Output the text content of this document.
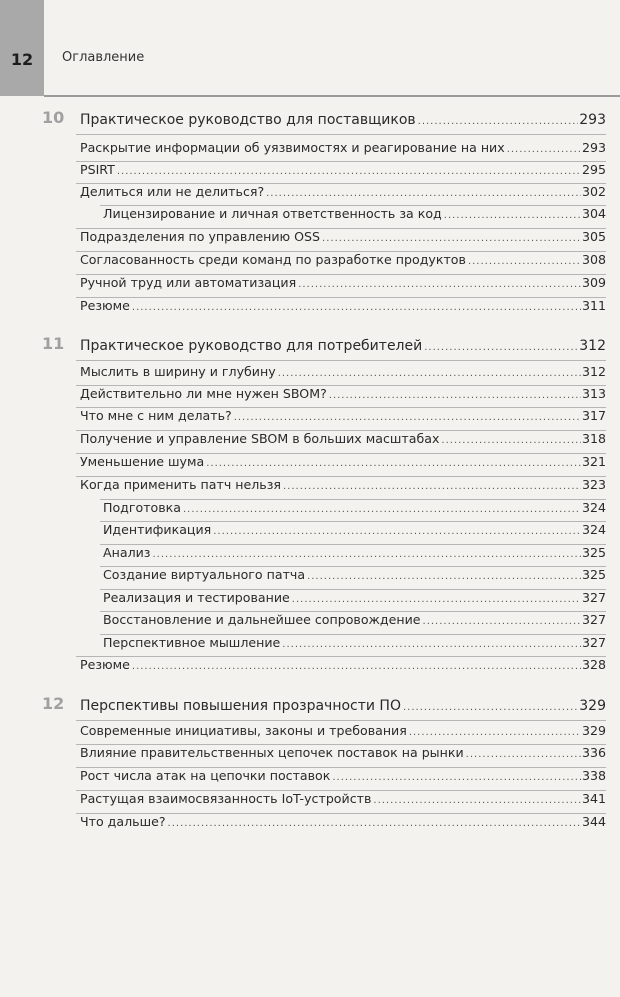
12 Оглавление
10 Практическое руководство для поставщиков .....	293
Раскрытие информации об уязвимостях и реагирование на них .....	293
PSIRT .....	295
Делиться или не делиться? .....	302
Лицензирование и личная ответственность за код .....	304
Подразделения по управлению OSS .....	305
Согласованность среди команд по разработке продуктов .....	308
Ручной труд или автоматизация .....	309
Резюме .....	311
11 Практическое руководство для потребителей .....	312
Мыслить в ширину и глубину .....	312
Действительно ли мне нужен SBOM? .....	313
Что мне с ним делать? .....	317
Получение и управление SBOM в больших масштабах .....	318
Уменьшение шума .....	321
Когда применить патч нельзя .....	323
Подготовка .....	324
Идентификация .....	324
Анализ .....	325
Создание виртуального патча .....	325
Реализация и тестирование .....	327
Восстановление и дальнейшее сопровождение .....	327
Перспективное мышление .....	327
Резюме .....	328
12 Перспективы повышения прозрачности ПО .....	329
Современные инициативы, законы и требования .....	329
Влияние правительственных цепочек поставок на рынки .....	336
Рост числа атак на цепочки поставок .....	338
Растущая взаимосвязанность IoT-устройств .....	341
Что дальше? .....	344
